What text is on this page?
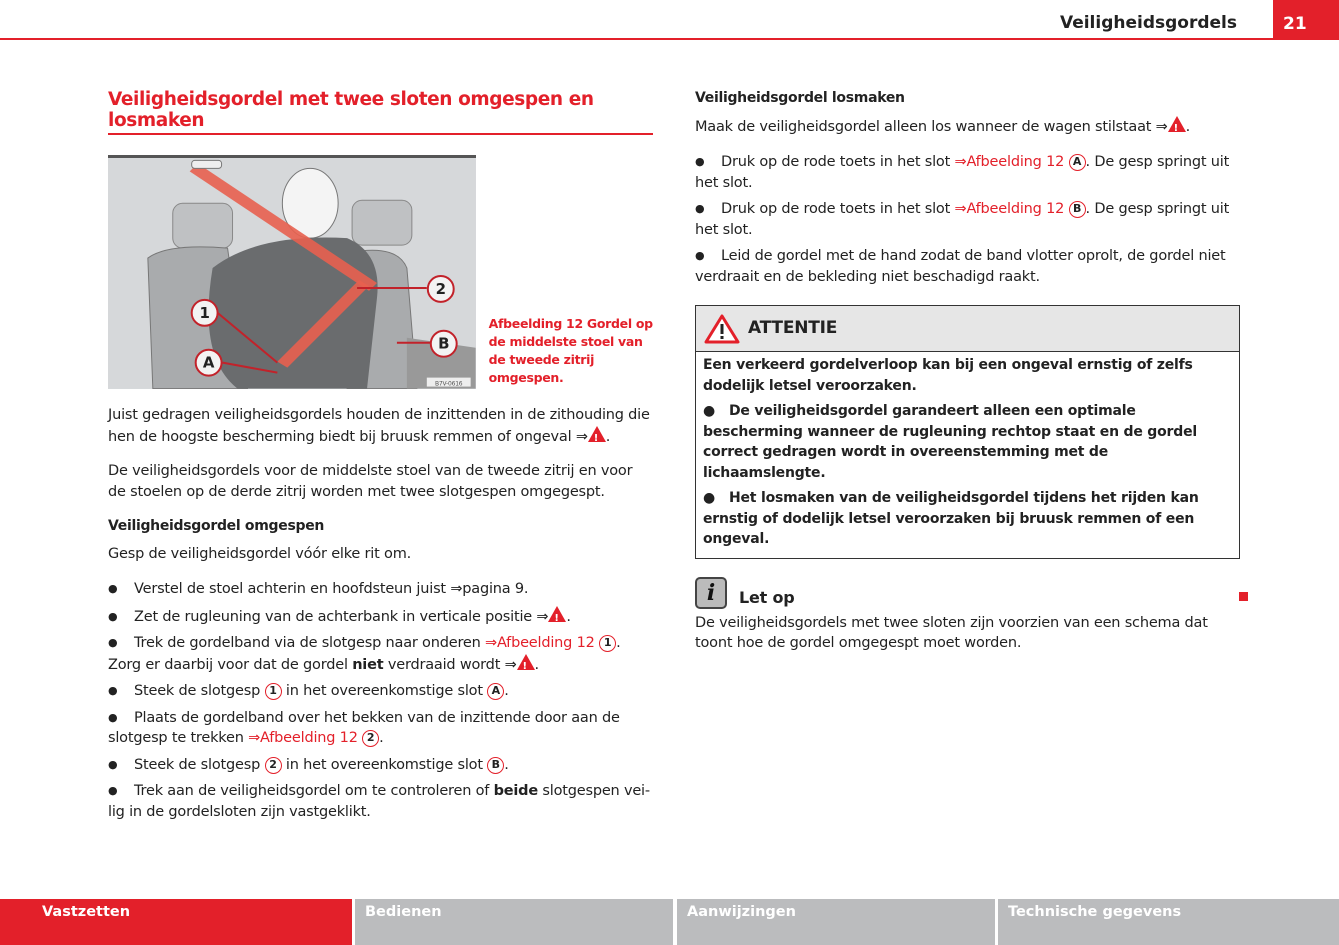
Veiligheidsgordels	21
Veiligheidsgordel met twee sloten omgespen en losmaken
1
2
A
B
B7V-0616
Afbeelding 12 Gordel op de middelste stoel van de tweede zitrij omgespen.

Juist gedragen veiligheidsgordels houden de inzittenden in de zithouding die hen de hoogste bescherming biedt bij bruusk remmen of ongeval ⇒ ! .

De veiligheidsgordels voor de middelste stoel van de tweede zitrij en voor de stoelen op de derde zitrij worden met twee slotgespen omgegespt.

Veiligheidsgordel omgespen

Gesp de veiligheidsgordel vóór elke rit om.

● Verstel de stoel achterin en hoofdsteun juist ⇒pagina 9.

● Zet de rugleuning van de achterbank in verticale positie ⇒ ! .

● Trek de gordelband via de slotgesp naar onderen ⇒Afbeelding 12 1 . Zorg er daarbij voor dat de gordel niet verdraaid wordt ⇒ ! .

● Steek de slotgesp 1 in het overeenkomstige slot A .

● Plaats de gordelband over het bekken van de inzittende door aan de slotgesp te trekken ⇒Afbeelding 12 2 .

● Steek de slotgesp 2 in het overeenkomstige slot B .

● Trek aan de veiligheidsgordel om te controleren of beide slotgespen vei-lig in de gordelsloten zijn vastgeklikt.

Veiligheidsgordel losmaken

Maak de veiligheidsgordel alleen los wanneer de wagen stilstaat ⇒ ! .

● Druk op de rode toets in het slot ⇒Afbeelding 12 A . De gesp springt uit het slot.

● Druk op de rode toets in het slot ⇒Afbeelding 12 B . De gesp springt uit het slot.

● Leid de gordel met de hand zodat de band vlotter oprolt, de gordel niet verdraait en de bekleding niet beschadigd raakt.

ATTENTIE

Een verkeerd gordelverloop kan bij een ongeval ernstig of zelfs dodelijk letsel veroorzaken.

● De veiligheidsgordel garandeert alleen een optimale bescherming wanneer de rugleuning rechtop staat en de gordel correct gedragen wordt in overeenstemming met de lichaamslengte.

● Het losmaken van de veiligheidsgordel tijdens het rijden kan ernstig of dodelijk letsel veroorzaken bij bruusk remmen of een ongeval.

i	Let op

De veiligheidsgordels met twee sloten zijn voorzien van een schema dat toont hoe de gordel omgegespt moet worden.

Vastzetten	Bedienen	Aanwijzingen	Technische gegevens
